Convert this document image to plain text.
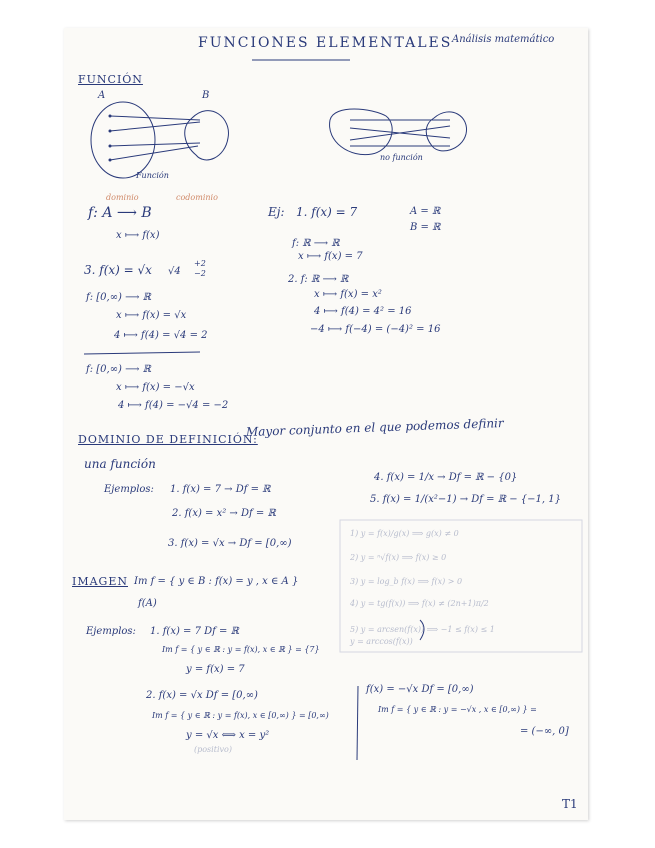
FUNCIONES ELEMENTALES Análisis matemático
FUNCIÓN
A	B
Función
no función
dominio	codominio
f: A ⟶ B
x ⟼ f(x)
Ej: 1. f(x) = 7	A = ℝ
B = ℝ
f: ℝ ⟶ ℝ
x ⟼ f(x) = 7
2. f: ℝ ⟶ ℝ
x ⟼ f(x) = x²
4 ⟼ f(4) = 4² = 16
−4 ⟼ f(−4) = (−4)² = 16
3. f(x) = √x √4
+2
−2
f: [0,∞) ⟶ ℝ
x ⟼ f(x) = √x
4 ⟼ f(4) = √4 = 2
f: [0,∞) ⟶ ℝ
x ⟼ f(x) = −√x
4 ⟼ f(4) = −√4 = −2
DOMINIO DE DEFINICIÓN:
Mayor conjunto en el que podemos definir
una función
Ejemplos: 1. f(x) = 7 → Df = ℝ
2. f(x) = x² → Df = ℝ
3. f(x) = √x → Df = [0,∞)
4. f(x) = 1/x → Df = ℝ − {0}
5. f(x) = 1/(x²−1) → Df = ℝ − {−1, 1}
1) y = f(x)/g(x) ⟹ g(x) ≠ 0
2) y = ⁿ√f(x) ⟹ f(x) ≥ 0
3) y = log_b f(x) ⟹ f(x) > 0
4) y = tg(f(x)) ⟹ f(x) ≠ (2n+1)π/2
5) y = arcsen(f(x)) ⟹ −1 ≤ f(x) ≤ 1
y = arccos(f(x))
IMAGEN Im f = { y ∈ B : f(x) = y , x ∈ A }
f(A)
Ejemplos: 1. f(x) = 7 Df = ℝ
Im f = { y ∈ ℝ : y = f(x), x ∈ ℝ } = {7}
y = f(x) = 7
2. f(x) = √x Df = [0,∞)
Im f = { y ∈ ℝ : y = f(x), x ∈ [0,∞) } = [0,∞)
y = √x ⟺ x = y²
(positivo)
f(x) = −√x Df = [0,∞)
Im f = { y ∈ ℝ : y = −√x , x ∈ [0,∞) } =
= (−∞, 0]
T1
